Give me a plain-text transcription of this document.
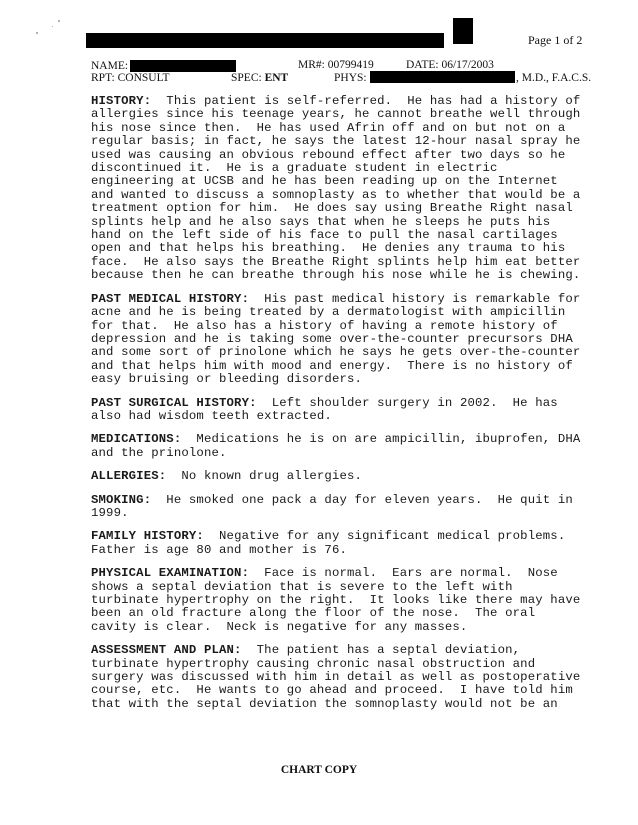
Page 1 of 2
NAME:	MR#: 00799419	DATE: 06/17/2003
RPT: CONSULT	SPEC: ENT	PHYS:	, M.D., F.A.C.S.
HISTORY:  This patient is self-referred.  He has had a history of
allergies since his teenage years, he cannot breathe well through
his nose since then.  He has used Afrin off and on but not on a
regular basis; in fact, he says the latest 12-hour nasal spray he
used was causing an obvious rebound effect after two days so he
discontinued it.  He is a graduate student in electric
engineering at UCSB and he has been reading up on the Internet
and wanted to discuss a somnoplasty as to whether that would be a
treatment option for him.  He does say using Breathe Right nasal
splints help and he also says that when he sleeps he puts his
hand on the left side of his face to pull the nasal cartilages
open and that helps his breathing.  He denies any trauma to his
face.  He also says the Breathe Right splints help him eat better
because then he can breathe through his nose while he is chewing.
PAST MEDICAL HISTORY:  His past medical history is remarkable for
acne and he is being treated by a dermatologist with ampicillin
for that.  He also has a history of having a remote history of
depression and he is taking some over-the-counter precursors DHA
and some sort of prinolone which he says he gets over-the-counter
and that helps him with mood and energy.  There is no history of
easy bruising or bleeding disorders.
PAST SURGICAL HISTORY:  Left shoulder surgery in 2002.  He has
also had wisdom teeth extracted.
MEDICATIONS:  Medications he is on are ampicillin, ibuprofen, DHA
and the prinolone.
ALLERGIES:  No known drug allergies.
SMOKING:  He smoked one pack a day for eleven years.  He quit in
1999.
FAMILY HISTORY:  Negative for any significant medical problems.
Father is age 80 and mother is 76.
PHYSICAL EXAMINATION:  Face is normal.  Ears are normal.  Nose
shows a septal deviation that is severe to the left with
turbinate hypertrophy on the right.  It looks like there may have
been an old fracture along the floor of the nose.  The oral
cavity is clear.  Neck is negative for any masses.
ASSESSMENT AND PLAN:  The patient has a septal deviation,
turbinate hypertrophy causing chronic nasal obstruction and
surgery was discussed with him in detail as well as postoperative
course, etc.  He wants to go ahead and proceed.  I have told him
that with the septal deviation the somnoplasty would not be an
CHART COPY
